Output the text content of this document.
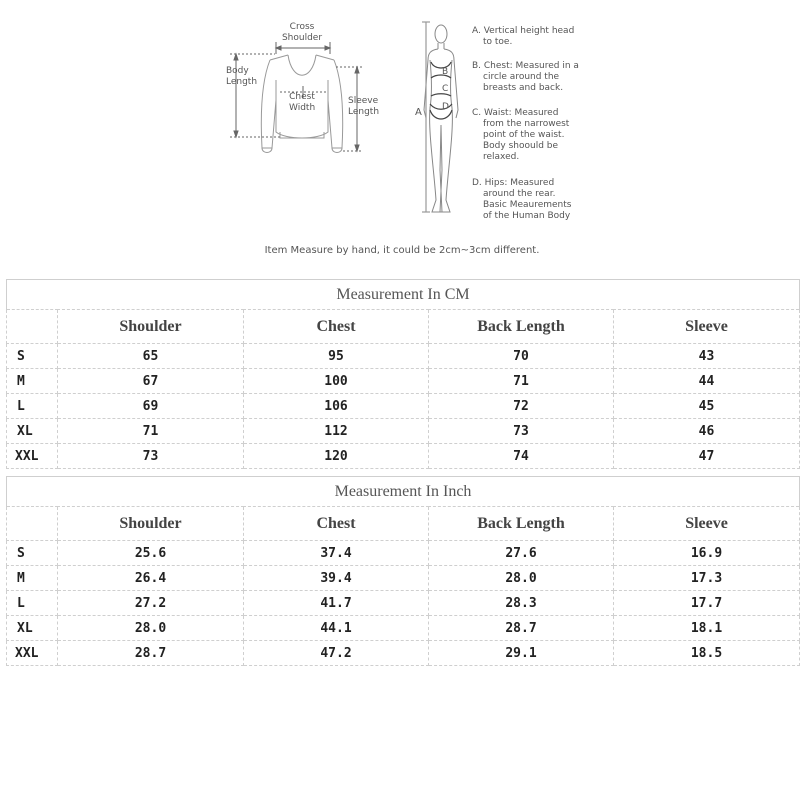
Cross
Shoulder
Body
Length
Chest
Width
Sleeve
Length	A
B
C
D
A. Vertical height head
to toe.
B. Chest: Measured in a
circle around the
breasts and back.
C. Waist: Measured
from the narrowest
point of the waist.
Body shoould be
relaxed.
D. Hips: Measured
around the rear.
Basic Meaurements
of the Human Body
Item Measure by hand, it could be 2cm~3cm different.
Measurement In CM				
	Shoulder	Chest	Back Length	Sleeve
S	65	95	70	43
M	67	100	71	44
L	69	106	72	45
XL	71	112	73	46
XXL	73	120	74	47
Measurement In Inch				
	Shoulder	Chest	Back Length	Sleeve
S	25.6	37.4	27.6	16.9
M	26.4	39.4	28.0	17.3
L	27.2	41.7	28.3	17.7
XL	28.0	44.1	28.7	18.1
XXL	28.7	47.2	29.1	18.5
